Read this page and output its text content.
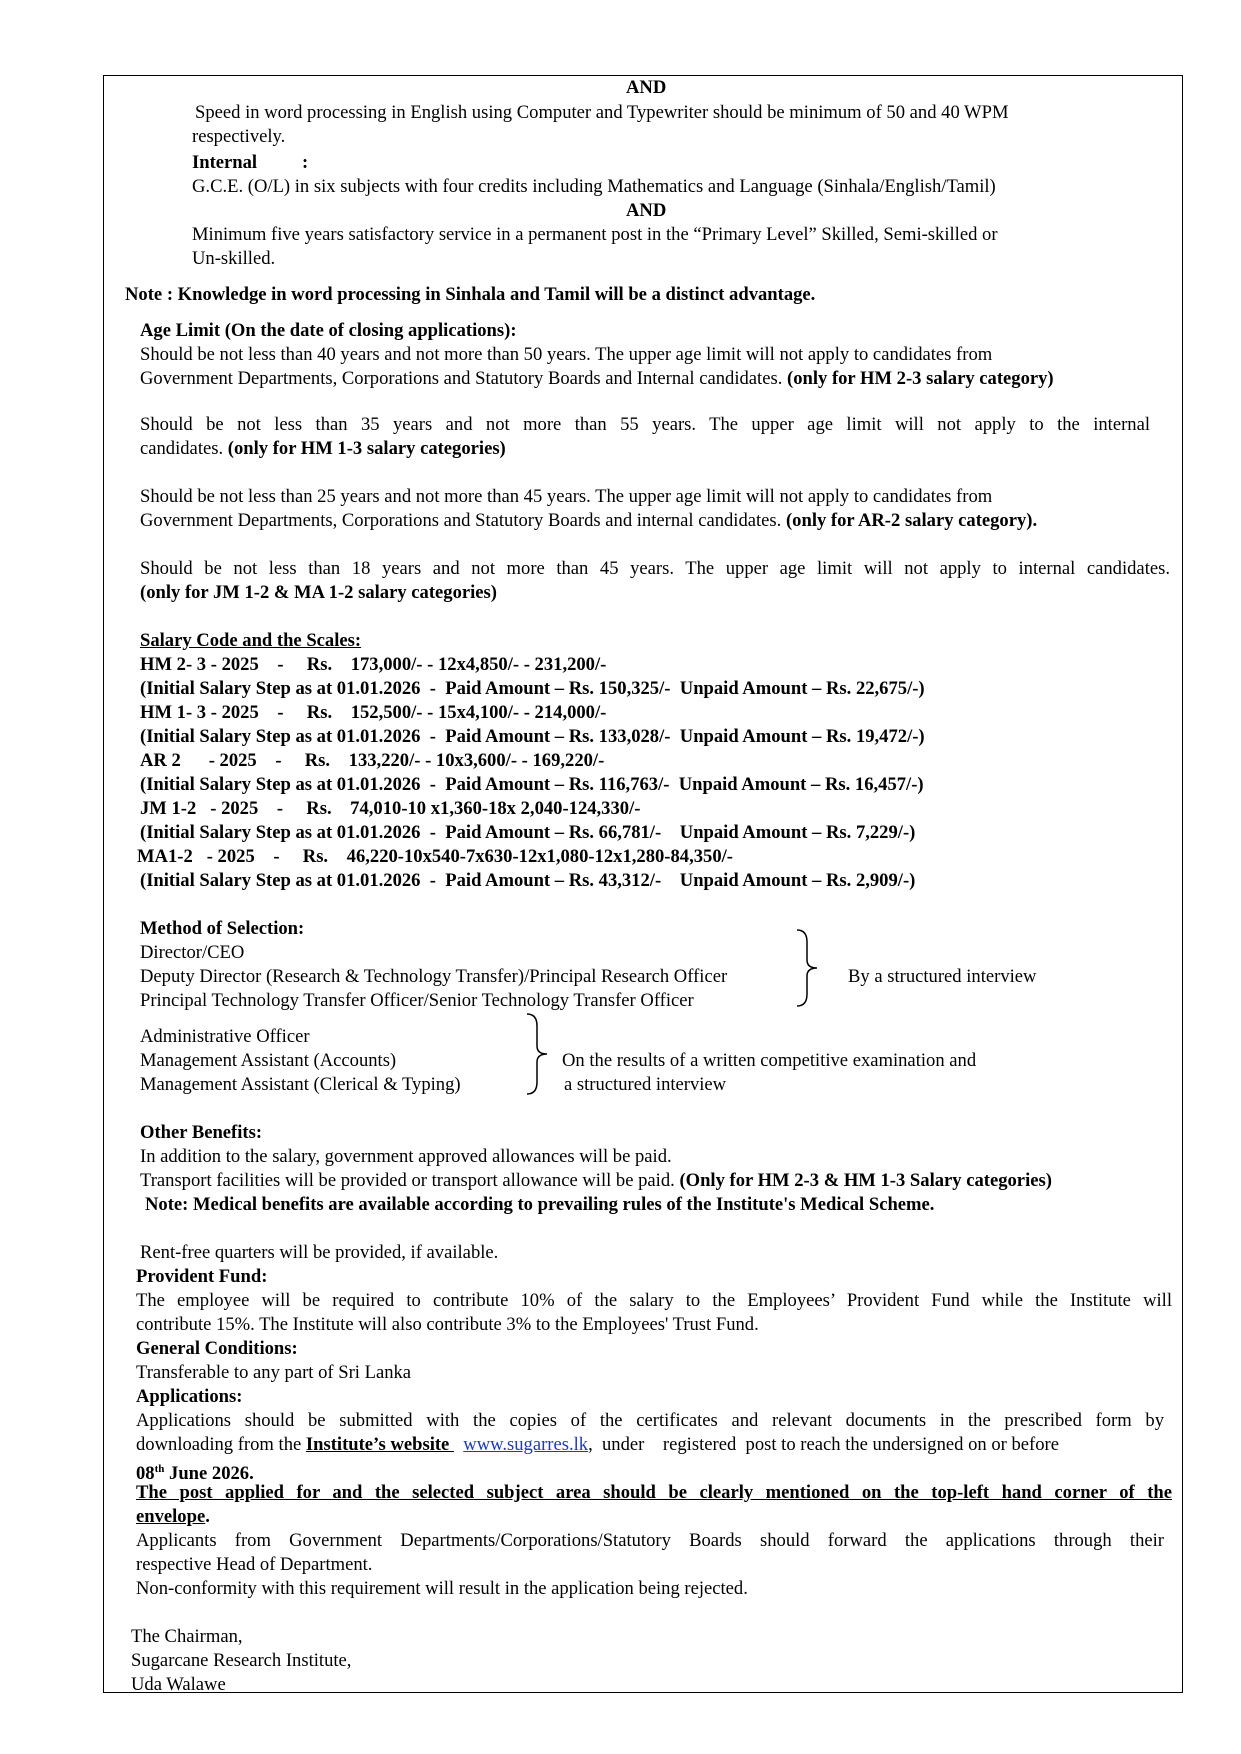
AND
Speed in word processing in English using Computer and Typewriter should be minimum of 50 and 40 WPM
respectively.
Internal :
G.C.E. (O/L) in six subjects with four credits including Mathematics and Language (Sinhala/English/Tamil)
AND
Minimum five years satisfactory service in a permanent post in the “Primary Level” Skilled, Semi-skilled or
Un-skilled.
Note : Knowledge in word processing in Sinhala and Tamil will be a distinct advantage.
Age Limit (On the date of closing applications):
Should be not less than 40 years and not more than 50 years. The upper age limit will not apply to candidates from
Government Departments, Corporations and Statutory Boards and Internal candidates. (only for HM 2-3 salary category)
Should be not less than 35 years and not more than 55 years. The upper age limit will not apply to the internal
candidates. (only for HM 1-3 salary categories)
Should be not less than 25 years and not more than 45 years. The upper age limit will not apply to candidates from
Government Departments, Corporations and Statutory Boards and internal candidates. (only for AR-2 salary category).
Should be not less than 18 years and not more than 45 years. The upper age limit will not apply to internal candidates.
(only for JM 1-2 & MA 1-2 salary categories)
Salary Code and the Scales:
HM 2- 3 - 2025    -     Rs.    173,000/- - 12x4,850/- - 231,200/-
(Initial Salary Step as at 01.01.2026  -  Paid Amount – Rs. 150,325/-  Unpaid Amount – Rs. 22,675/-)
HM 1- 3 - 2025    -     Rs.    152,500/- - 15x4,100/- - 214,000/-
(Initial Salary Step as at 01.01.2026  -  Paid Amount – Rs. 133,028/-  Unpaid Amount – Rs. 19,472/-)
AR 2      - 2025    -     Rs.    133,220/- - 10x3,600/- - 169,220/-
(Initial Salary Step as at 01.01.2026  -  Paid Amount – Rs. 116,763/-  Unpaid Amount – Rs. 16,457/-)
JM 1-2   - 2025    -     Rs.    74,010-10 x1,360-18x 2,040-124,330/-
(Initial Salary Step as at 01.01.2026  -  Paid Amount – Rs. 66,781/-    Unpaid Amount – Rs. 7,229/-)
MA1-2   - 2025    -     Rs.    46,220-10x540-7x630-12x1,080-12x1,280-84,350/-
(Initial Salary Step as at 01.01.2026  -  Paid Amount – Rs. 43,312/-    Unpaid Amount – Rs. 2,909/-)
Method of Selection:
Director/CEO
Deputy Director (Research & Technology Transfer)/Principal Research Officer
Principal Technology Transfer Officer/Senior Technology Transfer Officer
By a structured interview
Administrative Officer
Management Assistant (Accounts)
Management Assistant (Clerical & Typing)
On the results of a written competitive examination and
a structured interview
Other Benefits:
In addition to the salary, government approved allowances will be paid.
Transport facilities will be provided or transport allowance will be paid. (Only for HM 2-3 & HM 1-3 Salary categories)
Note: Medical benefits are available according to prevailing rules of the Institute's Medical Scheme.
Rent-free quarters will be provided, if available.
Provident Fund:
The employee will be required to contribute 10% of the salary to the Employees’ Provident Fund while the Institute will
contribute 15%. The Institute will also contribute 3% to the Employees' Trust Fund.
General Conditions:
Transferable to any part of Sri Lanka
Applications:
Applications should be submitted with the copies of the certificates and relevant documents in the prescribed form by
downloading from the Institute’s website   www.sugarres.lk,  under    registered  post to reach the undersigned on or before
08th June 2026.
The post applied for and the selected subject area should be clearly mentioned on the top-left hand corner of the
envelope.
Applicants from Government Departments/Corporations/Statutory Boards should forward the applications through their
respective Head of Department.
Non-conformity with this requirement will result in the application being rejected.
The Chairman,
Sugarcane Research Institute,
Uda Walawe
